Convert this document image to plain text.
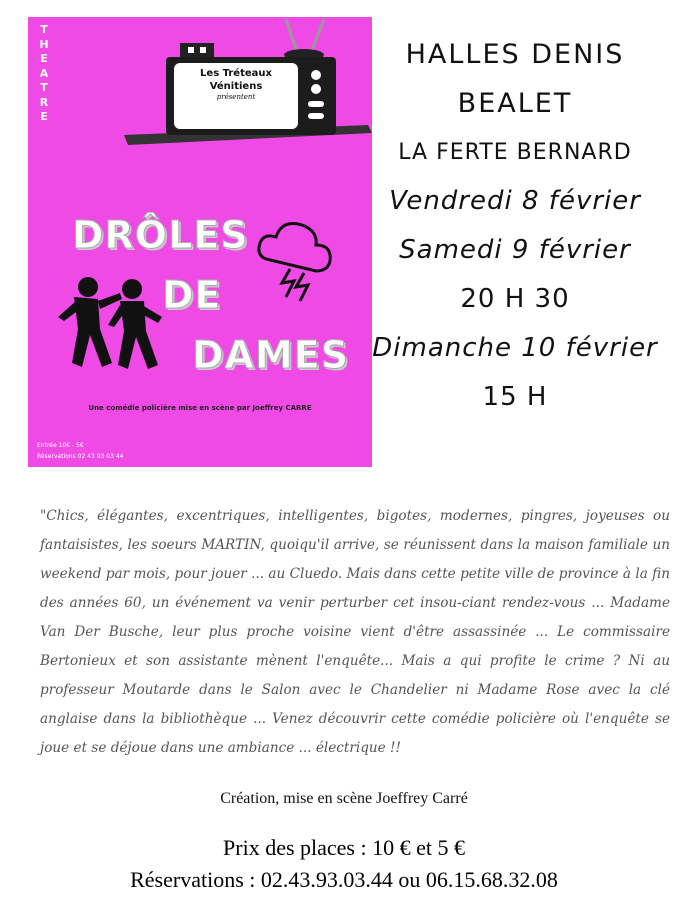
T
H
E
A
T
R
E
Les Tréteaux
Vénitiens
présentent
DRÔLES
DE
DAMES
Une comédie policière mise en scène par Joeffrey CARRE
Entrée 10€ - 5€
Réservations 02 43 93 03 44
HALLES DENIS
BEALET
LA FERTE BERNARD
Vendredi 8 février
Samedi 9 février
20 H 30
Dimanche 10 février
15 H
"Chics, élégantes, excentriques, intelligentes, bigotes, modernes, pingres, joyeuses ou fantaisistes, les soeurs MARTIN, quoiqu'il arrive, se réunissent dans la maison familiale un weekend par mois, pour jouer ... au Cluedo. Mais dans cette petite ville de province à la fin des années 60, un événement va venir perturber cet insou-ciant rendez-vous ... Madame Van Der Busche, leur plus proche voisine vient d'être assassinée ... Le commissaire Bertonieux et son assistante mènent l'enquête... Mais a qui profite le crime ? Ni au professeur Moutarde dans le Salon avec le Chandelier ni Madame Rose avec la clé anglaise dans la bibliothèque ... Venez découvrir cette comédie policière où l'enquête se joue et se déjoue dans une ambiance ... électrique !!
Création, mise en scène Joeffrey Carré
Prix des places : 10 € et 5 €
Réservations : 02.43.93.03.44 ou 06.15.68.32.08
